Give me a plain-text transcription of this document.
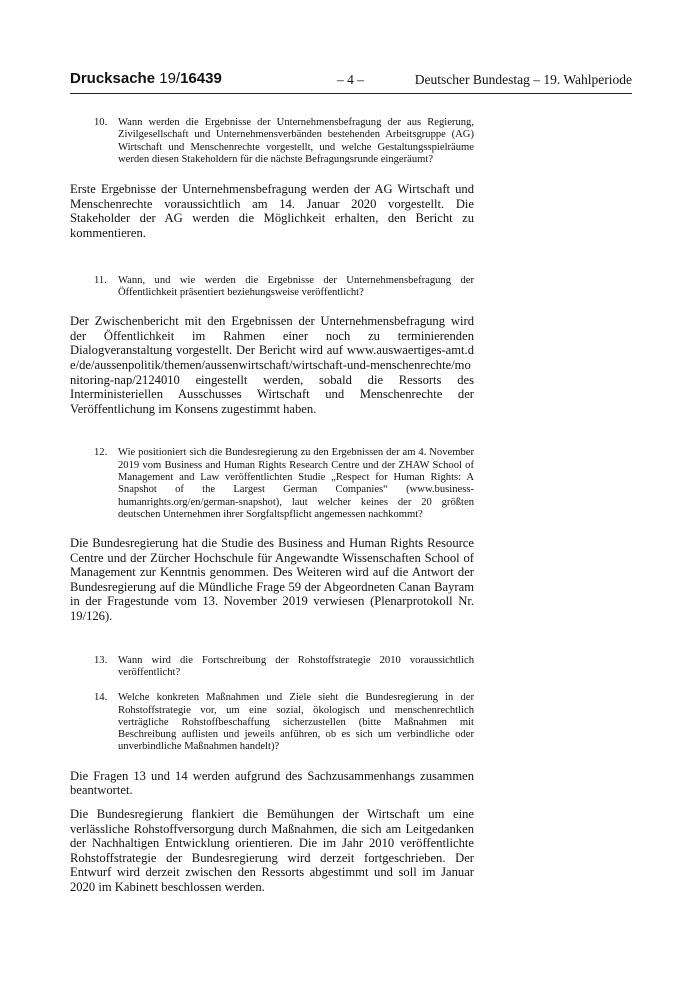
Drucksache 19/16439	– 4 –	Deutscher Bundestag – 19. Wahlperiode
10. Wann werden die Ergebnisse der Unternehmensbefragung der aus Regierung, Zivilgesellschaft und Unternehmensverbänden bestehenden Arbeitsgruppe (AG) Wirtschaft und Menschenrechte vorgestellt, und welche Gestaltungsspielräume werden diesen Stakeholdern für die nächste Befragungsrunde eingeräumt?

Erste Ergebnisse der Unternehmensbefragung werden der AG Wirtschaft und Menschenrechte voraussichtlich am 14. Januar 2020 vorgestellt. Die Stakeholder der AG werden die Möglichkeit erhalten, den Bericht zu kommentieren.

11. Wann, und wie werden die Ergebnisse der Unternehmensbefragung der Öffentlichkeit präsentiert beziehungsweise veröffentlicht?

Der Zwischenbericht mit den Ergebnissen der Unternehmensbefragung wird der Öffentlichkeit im Rahmen einer noch zu terminierenden Dialogveranstaltung vorgestellt. Der Bericht wird auf www.auswaertiges-amt.de/de/aussenpolitik/themen/aussenwirtschaft/wirtschaft-und-menschenrechte/monitoring-nap/2124010 eingestellt werden, sobald die Ressorts des Interministeriellen Ausschusses Wirtschaft und Menschenrechte der Veröffentlichung im Konsens zugestimmt haben.

12. Wie positioniert sich die Bundesregierung zu den Ergebnissen der am 4. November 2019 vom Business and Human Rights Research Centre und der ZHAW School of Management and Law veröffentlichten Studie „Respect for Human Rights: A Snapshot of the Largest German Companies“ (www.business-humanrights.org/en/german-snapshot), laut welcher keines der 20 größten deutschen Unternehmen ihrer Sorgfaltspflicht angemessen nachkommt?

Die Bundesregierung hat die Studie des Business and Human Rights Resource Centre und der Zürcher Hochschule für Angewandte Wissenschaften School of Management zur Kenntnis genommen. Des Weiteren wird auf die Antwort der Bundesregierung auf die Mündliche Frage 59 der Abgeordneten Canan Bayram in der Fragestunde vom 13. November 2019 verwiesen (Plenarprotokoll Nr. 19/126).

13. Wann wird die Fortschreibung der Rohstoffstrategie 2010 voraussichtlich veröffentlicht?
14. Welche konkreten Maßnahmen und Ziele sieht die Bundesregierung in der Rohstoffstrategie vor, um eine sozial, ökologisch und menschenrechtlich verträgliche Rohstoffbeschaffung sicherzustellen (bitte Maßnahmen mit Beschreibung auflisten und jeweils anführen, ob es sich um verbindliche oder unverbindliche Maßnahmen handelt)?

Die Fragen 13 und 14 werden aufgrund des Sachzusammenhangs zusammen beantwortet.

Die Bundesregierung flankiert die Bemühungen der Wirtschaft um eine verlässliche Rohstoffversorgung durch Maßnahmen, die sich am Leitgedanken der Nachhaltigen Entwicklung orientieren. Die im Jahr 2010 veröffentlichte Rohstoffstrategie der Bundesregierung wird derzeit fortgeschrieben. Der Entwurf wird derzeit zwischen den Ressorts abgestimmt und soll im Januar 2020 im Kabinett beschlossen werden.
